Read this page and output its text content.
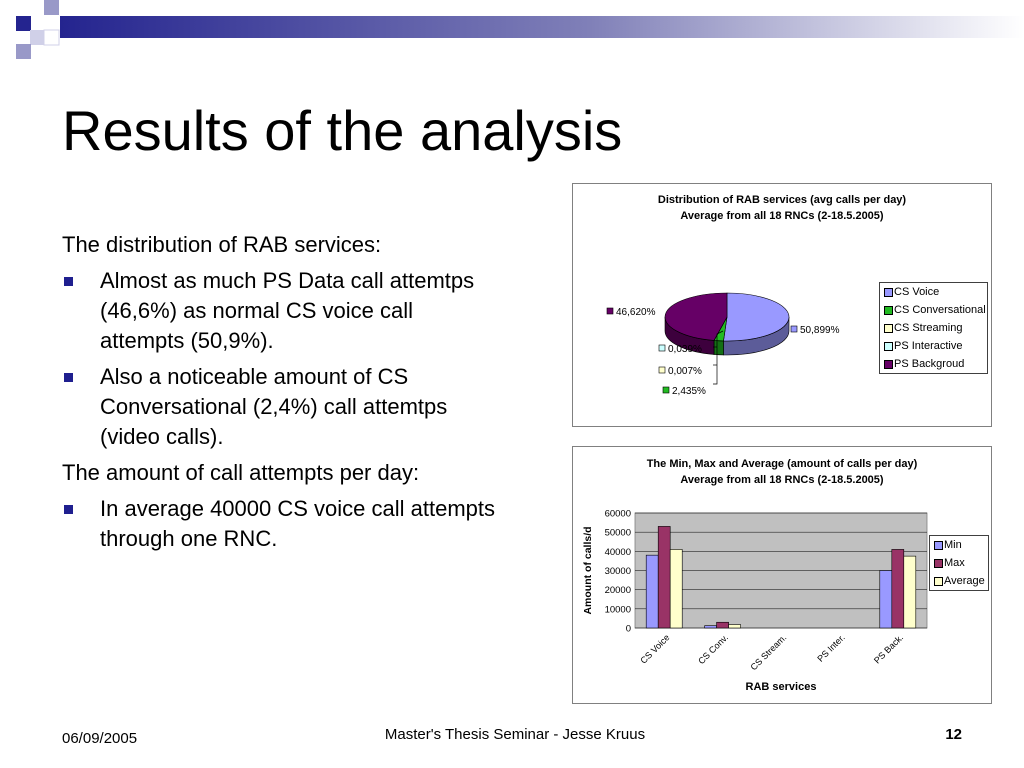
Results of the analysis
The distribution of RAB services:
Almost as much PS Data call attemtps (46,6%) as normal CS voice call attempts (50,9%).
Also a noticeable amount of CS Conversational (2,4%) call attemtps (video calls).
The amount of call attempts per day:
In average 40000 CS voice call attempts through one RNC.
Distribution of RAB services (avg calls per day)
Average from all 18 RNCs (2-18.5.2005)
50,899%
2,435%
0,007%
0,039%
46,620%
CS Voice
CS Conversational
CS Streaming
PS Interactive
PS Backgroud
The Min, Max and Average (amount of calls per day)
Average from all 18 RNCs (2-18.5.2005)
0
10000
20000
30000
40000
50000
60000
CS Voice	CS Conv. CS Stream.	PS Inter.	PS Back.
RAB services
Amount of calls/d	Min
Max
Average
06/09/2005	Master's Thesis Seminar - Jesse Kruus	12
